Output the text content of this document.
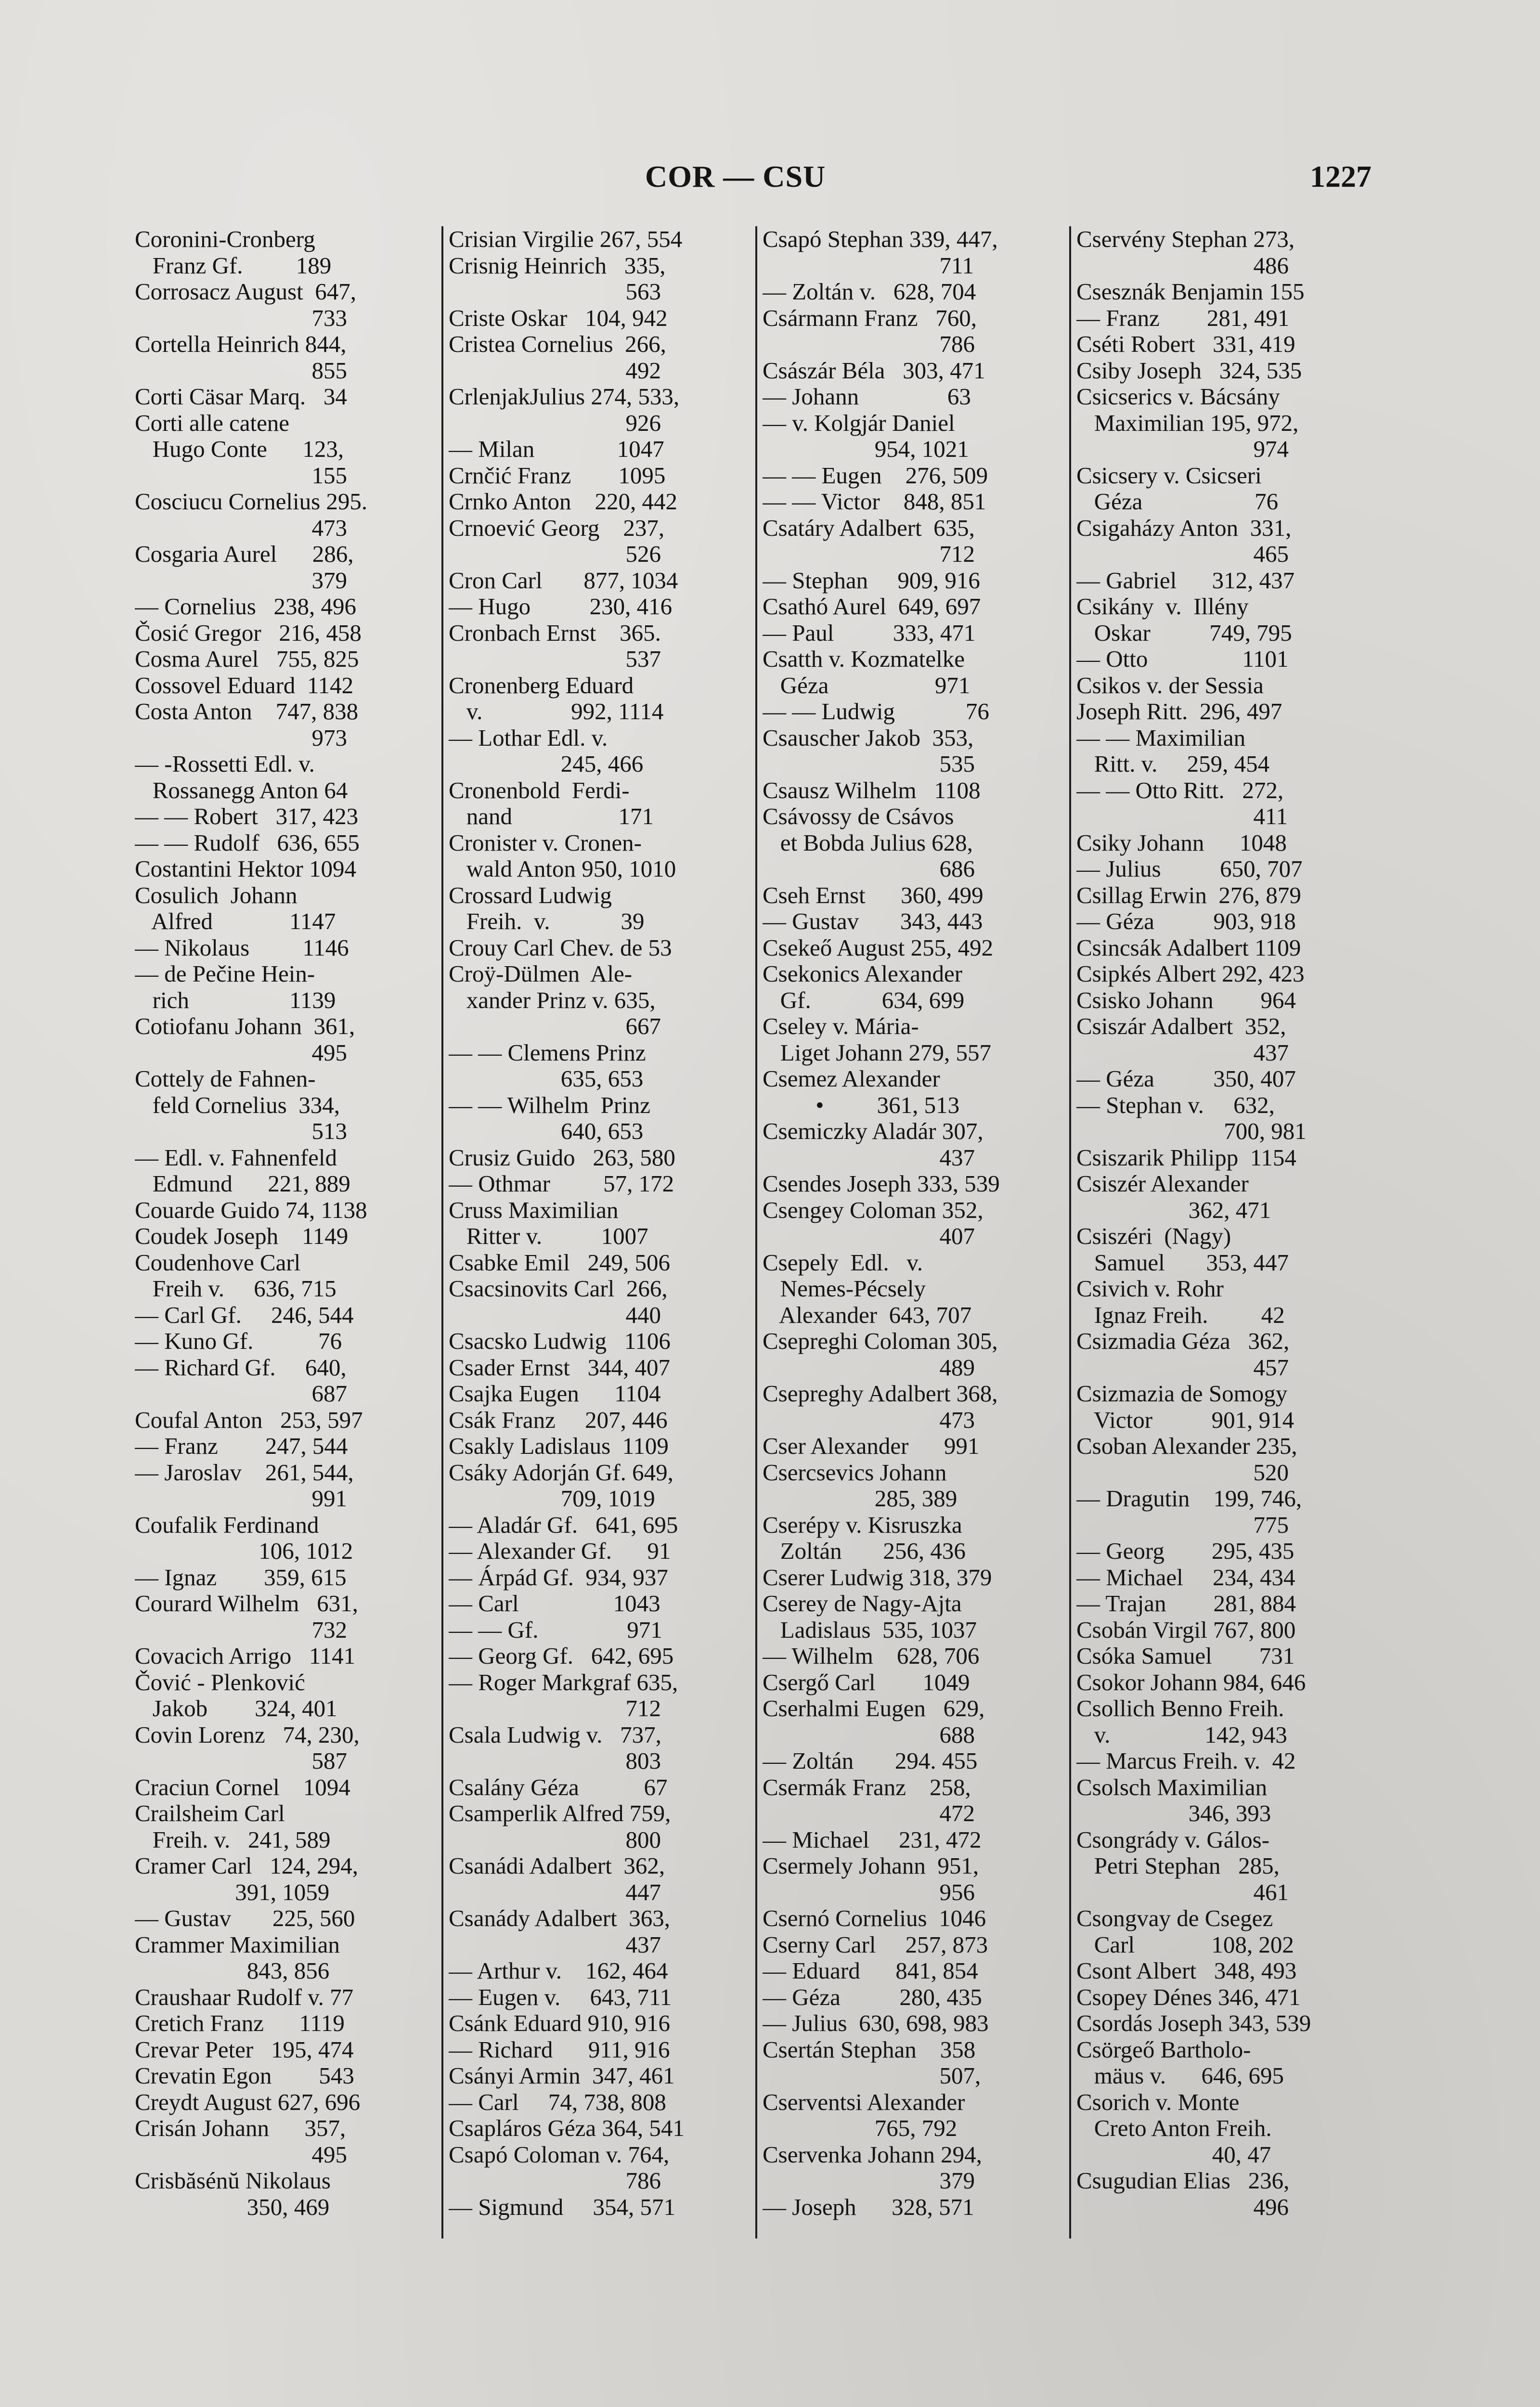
COR — CSU	1227
Coronini-Cronberg
Franz Gf.         189
Corrosacz August  647,
733
Cortella Heinrich 844,
855
Corti Cäsar Marq.   34
Corti alle catene
Hugo Conte      123,
155
Cosciucu Cornelius 295.
473
Cosgaria Aurel      286,
379
— Cornelius   238, 496
Čosić Gregor   216, 458
Cosma Aurel   755, 825
Cossovel Eduard  1142
Costa Anton    747, 838
973
— -Rossetti Edl. v.
Rossanegg Anton 64
— — Robert   317, 423
— — Rudolf   636, 655
Costantini Hektor 1094
Cosulich  Johann
Alfred             1147
— Nikolaus         1146
— de Pečine Hein-
rich                 1139
Cotiofanu Johann  361,
495
Cottely de Fahnen-
feld Cornelius  334,
513
— Edl. v. Fahnenfeld
Edmund      221, 889
Couarde Guido 74, 1138
Coudek Joseph    1149
Coudenhove Carl
Freih v.     636, 715
— Carl Gf.     246, 544
— Kuno Gf.           76
— Richard Gf.     640,
687
Coufal Anton   253, 597
— Franz        247, 544
— Jaroslav    261, 544,
991
Coufalik Ferdinand
106, 1012
— Ignaz        359, 615
Courard Wilhelm   631,
732
Covacich Arrigo   1141
Čović - Plenković
Jakob        324, 401
Covin Lorenz   74, 230,
587
Craciun Cornel    1094
Crailsheim Carl
Freih. v.   241, 589
Cramer Carl   124, 294,
391, 1059
— Gustav       225, 560
Crammer Maximilian
843, 856
Craushaar Rudolf v. 77
Cretich Franz      1119
Crevar Peter   195, 474
Crevatin Egon        543
Creydt August 627, 696
Crisán Johann      357,
495
Crisbăsénŭ Nikolaus
350, 469
Crisian Virgilie 267, 554
Crisnig Heinrich   335,
563
Criste Oskar   104, 942
Cristea Cornelius  266,
492
CrlenjakJulius 274, 533,
926
— Milan              1047
Crnčić Franz        1095
Crnko Anton    220, 442
Crnoević Georg    237,
526
Cron Carl       877, 1034
— Hugo          230, 416
Cronbach Ernst    365.
537
Cronenberg Eduard
v.               992, 1114
— Lothar Edl. v.
245, 466
Cronenbold  Ferdi-
nand                  171
Cronister v. Cronen-
wald Anton 950, 1010
Crossard Ludwig
Freih.  v.            39
Crouy Carl Chev. de 53
Croÿ-Dülmen  Ale-
xander Prinz v. 635,
667
— — Clemens Prinz
635, 653
— — Wilhelm  Prinz
640, 653
Crusiz Guido   263, 580
— Othmar         57, 172
Cruss Maximilian
Ritter v.          1007
Csabke Emil   249, 506
Csacsinovits Carl  266,
440
Csacsko Ludwig   1106
Csader Ernst   344, 407
Csajka Eugen      1104
Csák Franz     207, 446
Csakly Ladislaus  1109
Csáky Adorján Gf. 649,
709, 1019
— Aladár Gf.   641, 695
— Alexander Gf.      91
— Árpád Gf.  934, 937
— Carl                1043
— — Gf.               971
— Georg Gf.   642, 695
— Roger Markgraf 635,
712
Csala Ludwig v.   737,
803
Csalány Géza           67
Csamperlik Alfred 759,
800
Csanádi Adalbert  362,
447
Csanády Adalbert  363,
437
— Arthur v.    162, 464
— Eugen v.     643, 711
Csánk Eduard 910, 916
— Richard      911, 916
Csányi Armin  347, 461
— Carl     74, 738, 808
Csapláros Géza 364, 541
Csapó Coloman v. 764,
786
— Sigmund     354, 571
Csapó Stephan 339, 447,
711
— Zoltán v.   628, 704
Csármann Franz   760,
786
Császár Béla   303, 471
— Johann               63
— v. Kolgjár Daniel
954, 1021
— — Eugen    276, 509
— — Victor    848, 851
Csatáry Adalbert  635,
712
— Stephan     909, 916
Csathó Aurel  649, 697
— Paul          333, 471
Csatth v. Kozmatelke
Géza                  971
— — Ludwig            76
Csauscher Jakob  353,
535
Csausz Wilhelm   1108
Csávossy de Csávos
et Bobda Julius 628,
686
Cseh Ernst      360, 499
— Gustav       343, 443
Csekeő August 255, 492
Csekonics Alexander
Gf.            634, 699
Cseley v. Mária-
Liget Johann 279, 557
Csemez Alexander
•         361, 513
Csemiczky Aladár 307,
437
Csendes Joseph 333, 539
Csengey Coloman 352,
407
Csepely  Edl.   v.
Nemes-Pécsely
Alexander  643, 707
Csepreghi Coloman 305,
489
Csepreghy Adalbert 368,
473
Cser Alexander      991
Csercsevics Johann
285, 389
Cserépy v. Kisruszka
Zoltán       256, 436
Cserer Ludwig 318, 379
Cserey de Nagy-Ajta
Ladislaus  535, 1037
— Wilhelm    628, 706
Csergő Carl        1049
Cserhalmi Eugen   629,
688
— Zoltán       294. 455
Csermák Franz    258,
472
— Michael     231, 472
Csermely Johann  951,
956
Csernó Cornelius  1046
Cserny Carl     257, 873
— Eduard      841, 854
— Géza          280, 435
— Julius  630, 698, 983
Csertán Stephan    358
507,
Cserventsi Alexander
765, 792
Cservenka Johann 294,
379
— Joseph      328, 571
Cservény Stephan 273,
486
Csesznák Benjamin 155
— Franz        281, 491
Cséti Robert   331, 419
Csiby Joseph   324, 535
Csicserics v. Bácsány
Maximilian 195, 972,
974
Csicsery v. Csicseri
Géza                   76
Csigaházy Anton  331,
465
— Gabriel      312, 437
Csikány  v.  Illény
Oskar          749, 795
— Otto                1101
Csikos v. der Sessia
Joseph Ritt.  296, 497
— — Maximilian
Ritt. v.     259, 454
— — Otto Ritt.   272,
411
Csiky Johann      1048
— Julius          650, 707
Csillag Erwin  276, 879
— Géza          903, 918
Csincsák Adalbert 1109
Csipkés Albert 292, 423
Csisko Johann        964
Csiszár Adalbert  352,
437
— Géza          350, 407
— Stephan v.     632,
700, 981
Csiszarik Philipp  1154
Csiszér Alexander
362, 471
Csiszéri  (Nagy)
Samuel       353, 447
Csivich v. Rohr
Ignaz Freih.         42
Csizmadia Géza   362,
457
Csizmazia de Somogy
Victor          901, 914
Csoban Alexander 235,
520
— Dragutin    199, 746,
775
— Georg        295, 435
— Michael     234, 434
— Trajan        281, 884
Csobán Virgil 767, 800
Csóka Samuel        731
Csokor Johann 984, 646
Csollich Benno Freih.
v.                142, 943
— Marcus Freih. v.  42
Csolsch Maximilian
346, 393
Csongrády v. Gálos-
Petri Stephan   285,
461
Csongvay de Csegez
Carl             108, 202
Csont Albert   348, 493
Csopey Dénes 346, 471
Csordás Joseph 343, 539
Csörgeő Bartholo-
mäus v.      646, 695
Csorich v. Monte
Creto Anton Freih.
40, 47
Csugudian Elias   236,
496
